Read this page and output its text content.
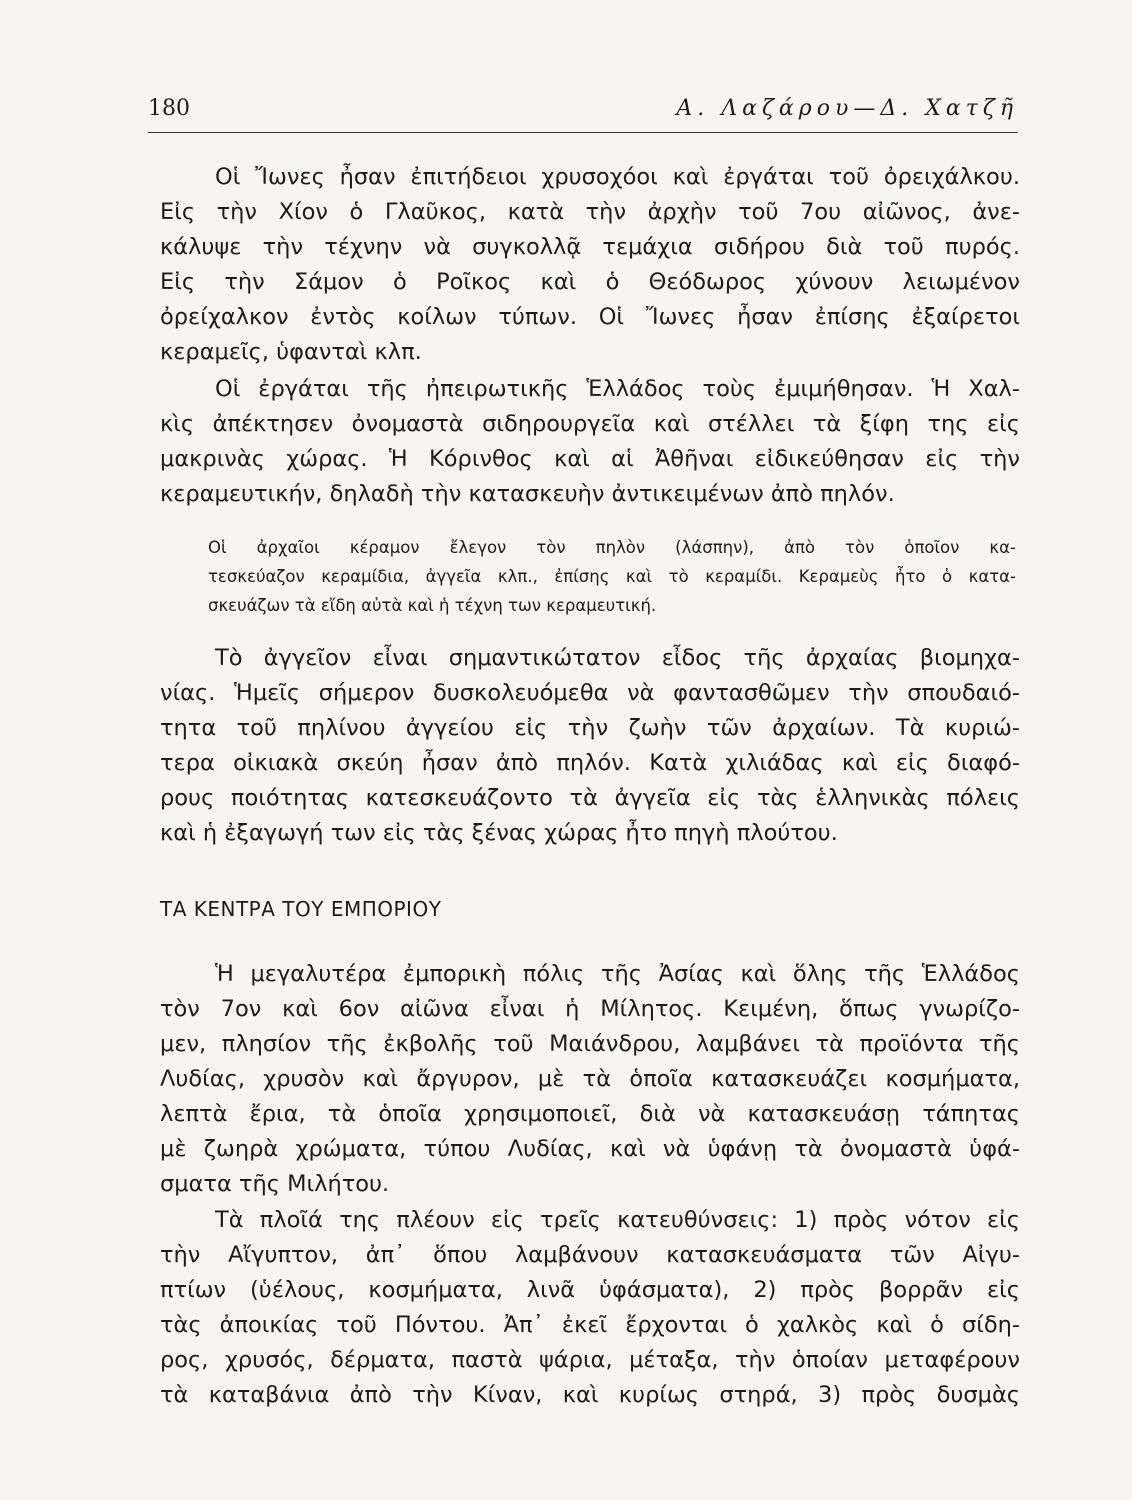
180	Α. Λαζάρου—Δ. Χατζῆ
Οἱ Ἴωνες ἦσαν ἐπιτήδειοι χρυσοχόοι καὶ ἐργάται τοῦ ὀρειχάλκου.
Εἰς τὴν Χίον ὁ Γλαῦκος, κατὰ τὴν ἀρχὴν τοῦ 7ου αἰῶνος, ἀνε-
κάλυψε τὴν τέχνην νὰ συγκολλᾷ τεμάχια σιδήρου διὰ τοῦ πυρός.
Εἰς τὴν Σάμον ὁ Ροῖκος καὶ ὁ Θεόδωρος χύνουν λειωμένον
ὀρείχαλκον ἐντὸς κοίλων τύπων. Οἱ Ἴωνες ἦσαν ἐπίσης ἐξαίρετοι
κεραμεῖς, ὑφανταὶ κλπ.
Οἱ ἐργάται τῆς ἠπειρωτικῆς Ἑλλάδος τοὺς ἐμιμήθησαν. Ἡ Χαλ-
κὶς ἀπέκτησεν ὀνομαστὰ σιδηρουργεῖα καὶ στέλλει τὰ ξίφη της εἰς
μακρινὰς χώρας. Ἡ Κόρινθος καὶ αἱ Ἀθῆναι εἰδικεύθησαν εἰς τὴν
κεραμευτικήν, δηλαδὴ τὴν κατασκευὴν ἀντικειμένων ἀπὸ πηλόν.
Οἱ ἀρχαῖοι κέραμον ἔλεγον τὸν πηλὸν (λάσπην), ἀπὸ τὸν ὁποῖον κα-
τεσκεύαζον κεραμίδια, ἀγγεῖα κλπ., ἐπίσης καὶ τὸ κεραμίδι. Κεραμεὺς ἦτο ὁ κατα-
σκευάζων τὰ εἴδη αὐτὰ καὶ ἡ τέχνη των κεραμευτική.
Τὸ ἀγγεῖον εἶναι σημαντικώτατον εἶδος τῆς ἀρχαίας βιομηχα-
νίας. Ἡμεῖς σήμερον δυσκολευόμεθα νὰ φαντασθῶμεν τὴν σπουδαιό-
τητα τοῦ πηλίνου ἀγγείου εἰς τὴν ζωὴν τῶν ἀρχαίων. Τὰ κυριώ-
τερα οἰκιακὰ σκεύη ἦσαν ἀπὸ πηλόν. Κατὰ χιλιάδας καὶ εἰς διαφό-
ρους ποιότητας κατεσκευάζοντο τὰ ἀγγεῖα εἰς τὰς ἑλληνικὰς πόλεις
καὶ ἡ ἐξαγωγή των εἰς τὰς ξένας χώρας ἦτο πηγὴ πλούτου.
ΤΑ ΚΕΝΤΡΑ ΤΟΥ ΕΜΠΟΡΙΟΥ
Ἡ μεγαλυτέρα ἐμπορικὴ πόλις τῆς Ἀσίας καὶ ὅλης τῆς Ἑλλάδος
τὸν 7ον καὶ 6ον αἰῶνα εἶναι ἡ Μίλητος. Κειμένη, ὅπως γνωρίζο-
μεν, πλησίον τῆς ἐκβολῆς τοῦ Μαιάνδρου, λαμβάνει τὰ προϊόντα τῆς
Λυδίας, χρυσὸν καὶ ἄργυρον, μὲ τὰ ὁποῖα κατασκευάζει κοσμήματα,
λεπτὰ ἔρια, τὰ ὁποῖα χρησιμοποιεῖ, διὰ νὰ κατασκευάσῃ τάπητας
μὲ ζωηρὰ χρώματα, τύπου Λυδίας, καὶ νὰ ὑφάνῃ τὰ ὀνομαστὰ ὑφά-
σματα τῆς Μιλήτου.
Τὰ πλοῖά της πλέουν εἰς τρεῖς κατευθύνσεις: 1) πρὸς νότον εἰς
τὴν Αἴγυπτον, ἀπ᾿ ὅπου λαμβάνουν κατασκευάσματα τῶν Αἰγυ-
πτίων (ὑέλους, κοσμήματα, λινᾶ ὑφάσματα), 2) πρὸς βορρᾶν εἰς
τὰς ἀποικίας τοῦ Πόντου. Ἀπ᾿ ἐκεῖ ἔρχονται ὁ χαλκὸς καὶ ὁ σίδη-
ρος, χρυσός, δέρματα, παστὰ ψάρια, μέταξα, τὴν ὁποίαν μεταφέρουν
τὰ καταβάνια ἀπὸ τὴν Κίναν, καὶ κυρίως στηρά, 3) πρὸς δυσμὰς
